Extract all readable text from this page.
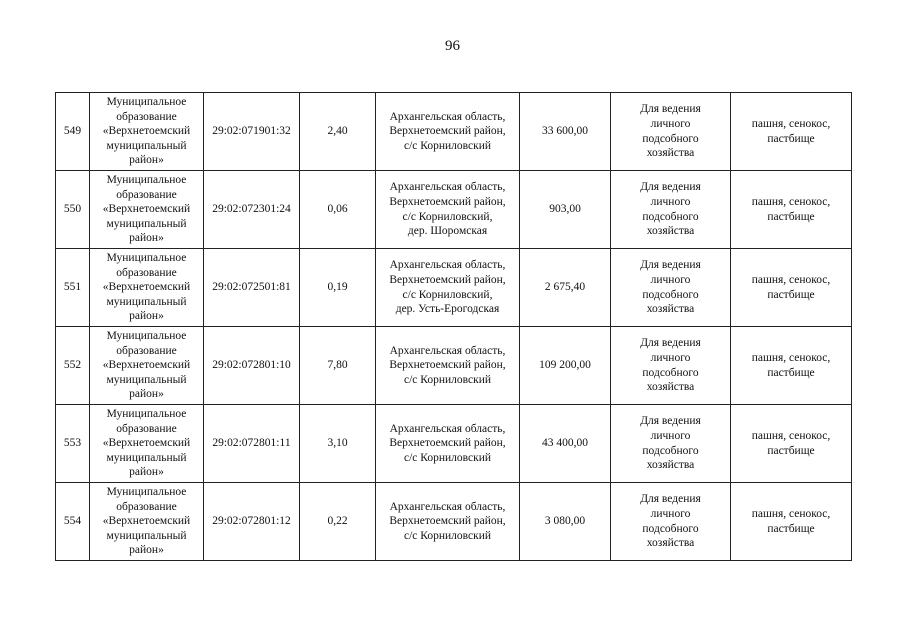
96
549	Муниципальное
образование
«Верхнетоемский
муниципальный
район»	29:02:071901:32	2,40	Архангельская область,
Верхнетоемский район,
с/с Корниловский	33 600,00	Для ведения
личного
подсобного
хозяйства	пашня, сенокос,
пастбище
550	Муниципальное
образование
«Верхнетоемский
муниципальный
район»	29:02:072301:24	0,06	Архангельская область,
Верхнетоемский район,
с/с Корниловский,
дер. Шоромская	903,00	Для ведения
личного
подсобного
хозяйства	пашня, сенокос,
пастбище
551	Муниципальное
образование
«Верхнетоемский
муниципальный
район»	29:02:072501:81	0,19	Архангельская область,
Верхнетоемский район,
с/с Корниловский,
дер. Усть-Ерогодская	2 675,40	Для ведения
личного
подсобного
хозяйства	пашня, сенокос,
пастбище
552	Муниципальное
образование
«Верхнетоемский
муниципальный
район»	29:02:072801:10	7,80	Архангельская область,
Верхнетоемский район,
с/с Корниловский	109 200,00	Для ведения
личного
подсобного
хозяйства	пашня, сенокос,
пастбище
553	Муниципальное
образование
«Верхнетоемский
муниципальный
район»	29:02:072801:11	3,10	Архангельская область,
Верхнетоемский район,
с/с Корниловский	43 400,00	Для ведения
личного
подсобного
хозяйства	пашня, сенокос,
пастбище
554	Муниципальное
образование
«Верхнетоемский
муниципальный
район»	29:02:072801:12	0,22	Архангельская область,
Верхнетоемский район,
с/с Корниловский	3 080,00	Для ведения
личного
подсобного
хозяйства	пашня, сенокос,
пастбище
